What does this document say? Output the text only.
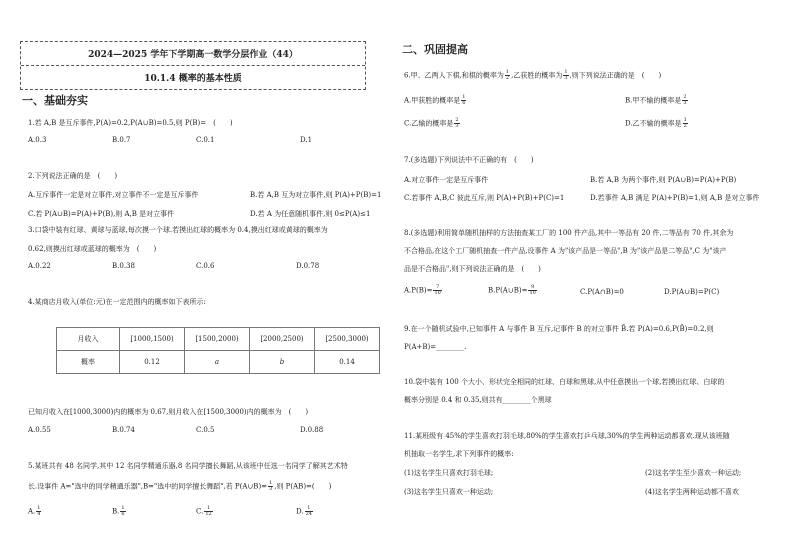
2024—2025 学年下学期高一数学分层作业（44）
10.1.4 概率的基本性质
一、基础夯实
1.若 A,B 是互斥事件,P(A)=0.2,P(A∪B)=0.5,则 P(B)=　(　　)
A.0.3	B.0.7	C.0.1	D.1
2.下列说法正确的是　(　　)
A.互斥事件一定是对立事件,对立事件不一定是互斥事件	B.若 A,B 互为对立事件,则 P(A)+P(B)=1
C.若 P(A∪B)=P(A)+P(B),则 A,B 是对立事件	D.若 A 为任意随机事件,则 0≤P(A)≤1
3.口袋中装有红球、黄球与蓝球,每次摸一个球.若摸出红球的概率为 0.4,摸出红球或黄球的概率为
0.62,则摸出红球或蓝球的概率为　(　　)
A.0.22	B.0.38	C.0.6	D.0.78
4.某商店月收入(单位:元)在一定范围内的概率如下表所示:
月收入	[1000,1500)	[1500,2000)	[2000,2500)	[2500,3000)
概率	0.12	a	b	0.14
已知月收入在[1000,3000)内的概率为 0.67,则月收入在[1500,3000)内的概率为　(　　)
A.0.55	B.0.74	C.0.5	D.0.88
5.某班共有 48 名同学,其中 12 名同学精通乐器,8 名同学擅长舞蹈,从该班中任选一名同学了解其艺术特
长.设事件 A="选中的同学精通乐器",B="选中的同学擅长舞蹈",若 P(A∪B)= $\frac{1}{3}$ ,则 P(AB)=(　　)
A. $\frac{1}{4}$	B. $\frac{1}{6}$	C. $\frac{1}{12}$	D. $\frac{1}{24}$
二、巩固提高
6.甲、乙两人下棋,和棋的概率为 $\frac{1}{2}$ ,乙获胜的概率为 $\frac{1}{3}$ ,则下列说法正确的是　(　　)
A.甲获胜的概率是 $\frac{1}{6}$	B.甲不输的概率是 $\frac{2}{3}$
C.乙输的概率是 $\frac{2}{3}$	D.乙不输的概率是 $\frac{1}{2}$
7.(多选题)下列说法中不正确的有　(　　)
A.对立事件一定是互斥事件	B.若 A,B 为两个事件,则 P(A∪B)=P(A)+P(B)
C.若事件 A,B,C 彼此互斥,则 P(A)+P(B)+P(C)=1	D.若事件 A,B 满足 P(A)+P(B)=1,则 A,B 是对立事件
8.(多选题)利用简单随机抽样的方法抽查某工厂的 100 件产品,其中一等品有 20 件,二等品有 70 件,其余为
不合格品,在这个工厂随机抽查一件产品,设事件 A 为"该产品是一等品",B 为"该产品是二等品",C 为"该产
品是不合格品",则下列说法正确的是　(　　)
$A.P(B)= \frac{7}{10}$	B.P(A∪B)= $\frac{9}{10}$	C.P(A∩B)=0	D.P(A∪B)=P(C)
9.在一个随机试验中,已知事件 A 与事件 B 互斥,记事件 B 的对立事件 B̄.若 P(A)=0.6,P(B̄)=0.2,则
P(A+B)=________.
10.袋中装有 100 个大小、形状完全相同的红球、白球和黑球,从中任意摸出一个球,若摸出红球、白球的
概率分别是 0.4 和 0.35,则共有________个黑球
11.某班级有 45%的学生喜欢打羽毛球,80%的学生喜欢打乒乓球,30%的学生两种运动都喜欢.现从该班随
机抽取一名学生,求下列事件的概率:
(1)这名学生只喜欢打羽毛球;	(2)这名学生至少喜欢一种运动;
(3)这名学生只喜欢一种运动;	(4)这名学生两种运动都不喜欢
